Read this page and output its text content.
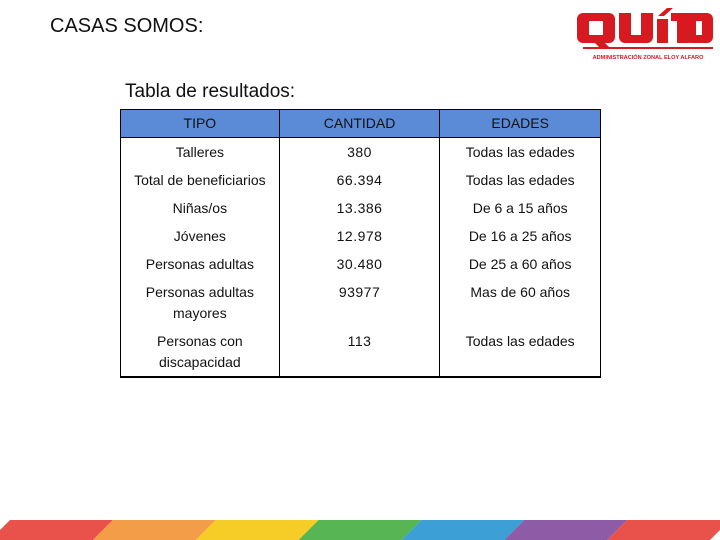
CASAS SOMOS:
ADMINISTRACIÓN ZONAL ELOY ALFARO
Tabla de resultados:
TIPO	CANTIDAD	EDADES
Talleres	380	Todas las edades
Total de beneficiarios	66.394	Todas las edades
Niñas/os	13.386	De 6 a 15 años
Jóvenes	12.978	De 16 a 25 años
Personas adultas	30.480	De 25 a 60 años
Personas adultas mayores	93977	Mas de 60 años
Personas con discapacidad	113	Todas las edades
